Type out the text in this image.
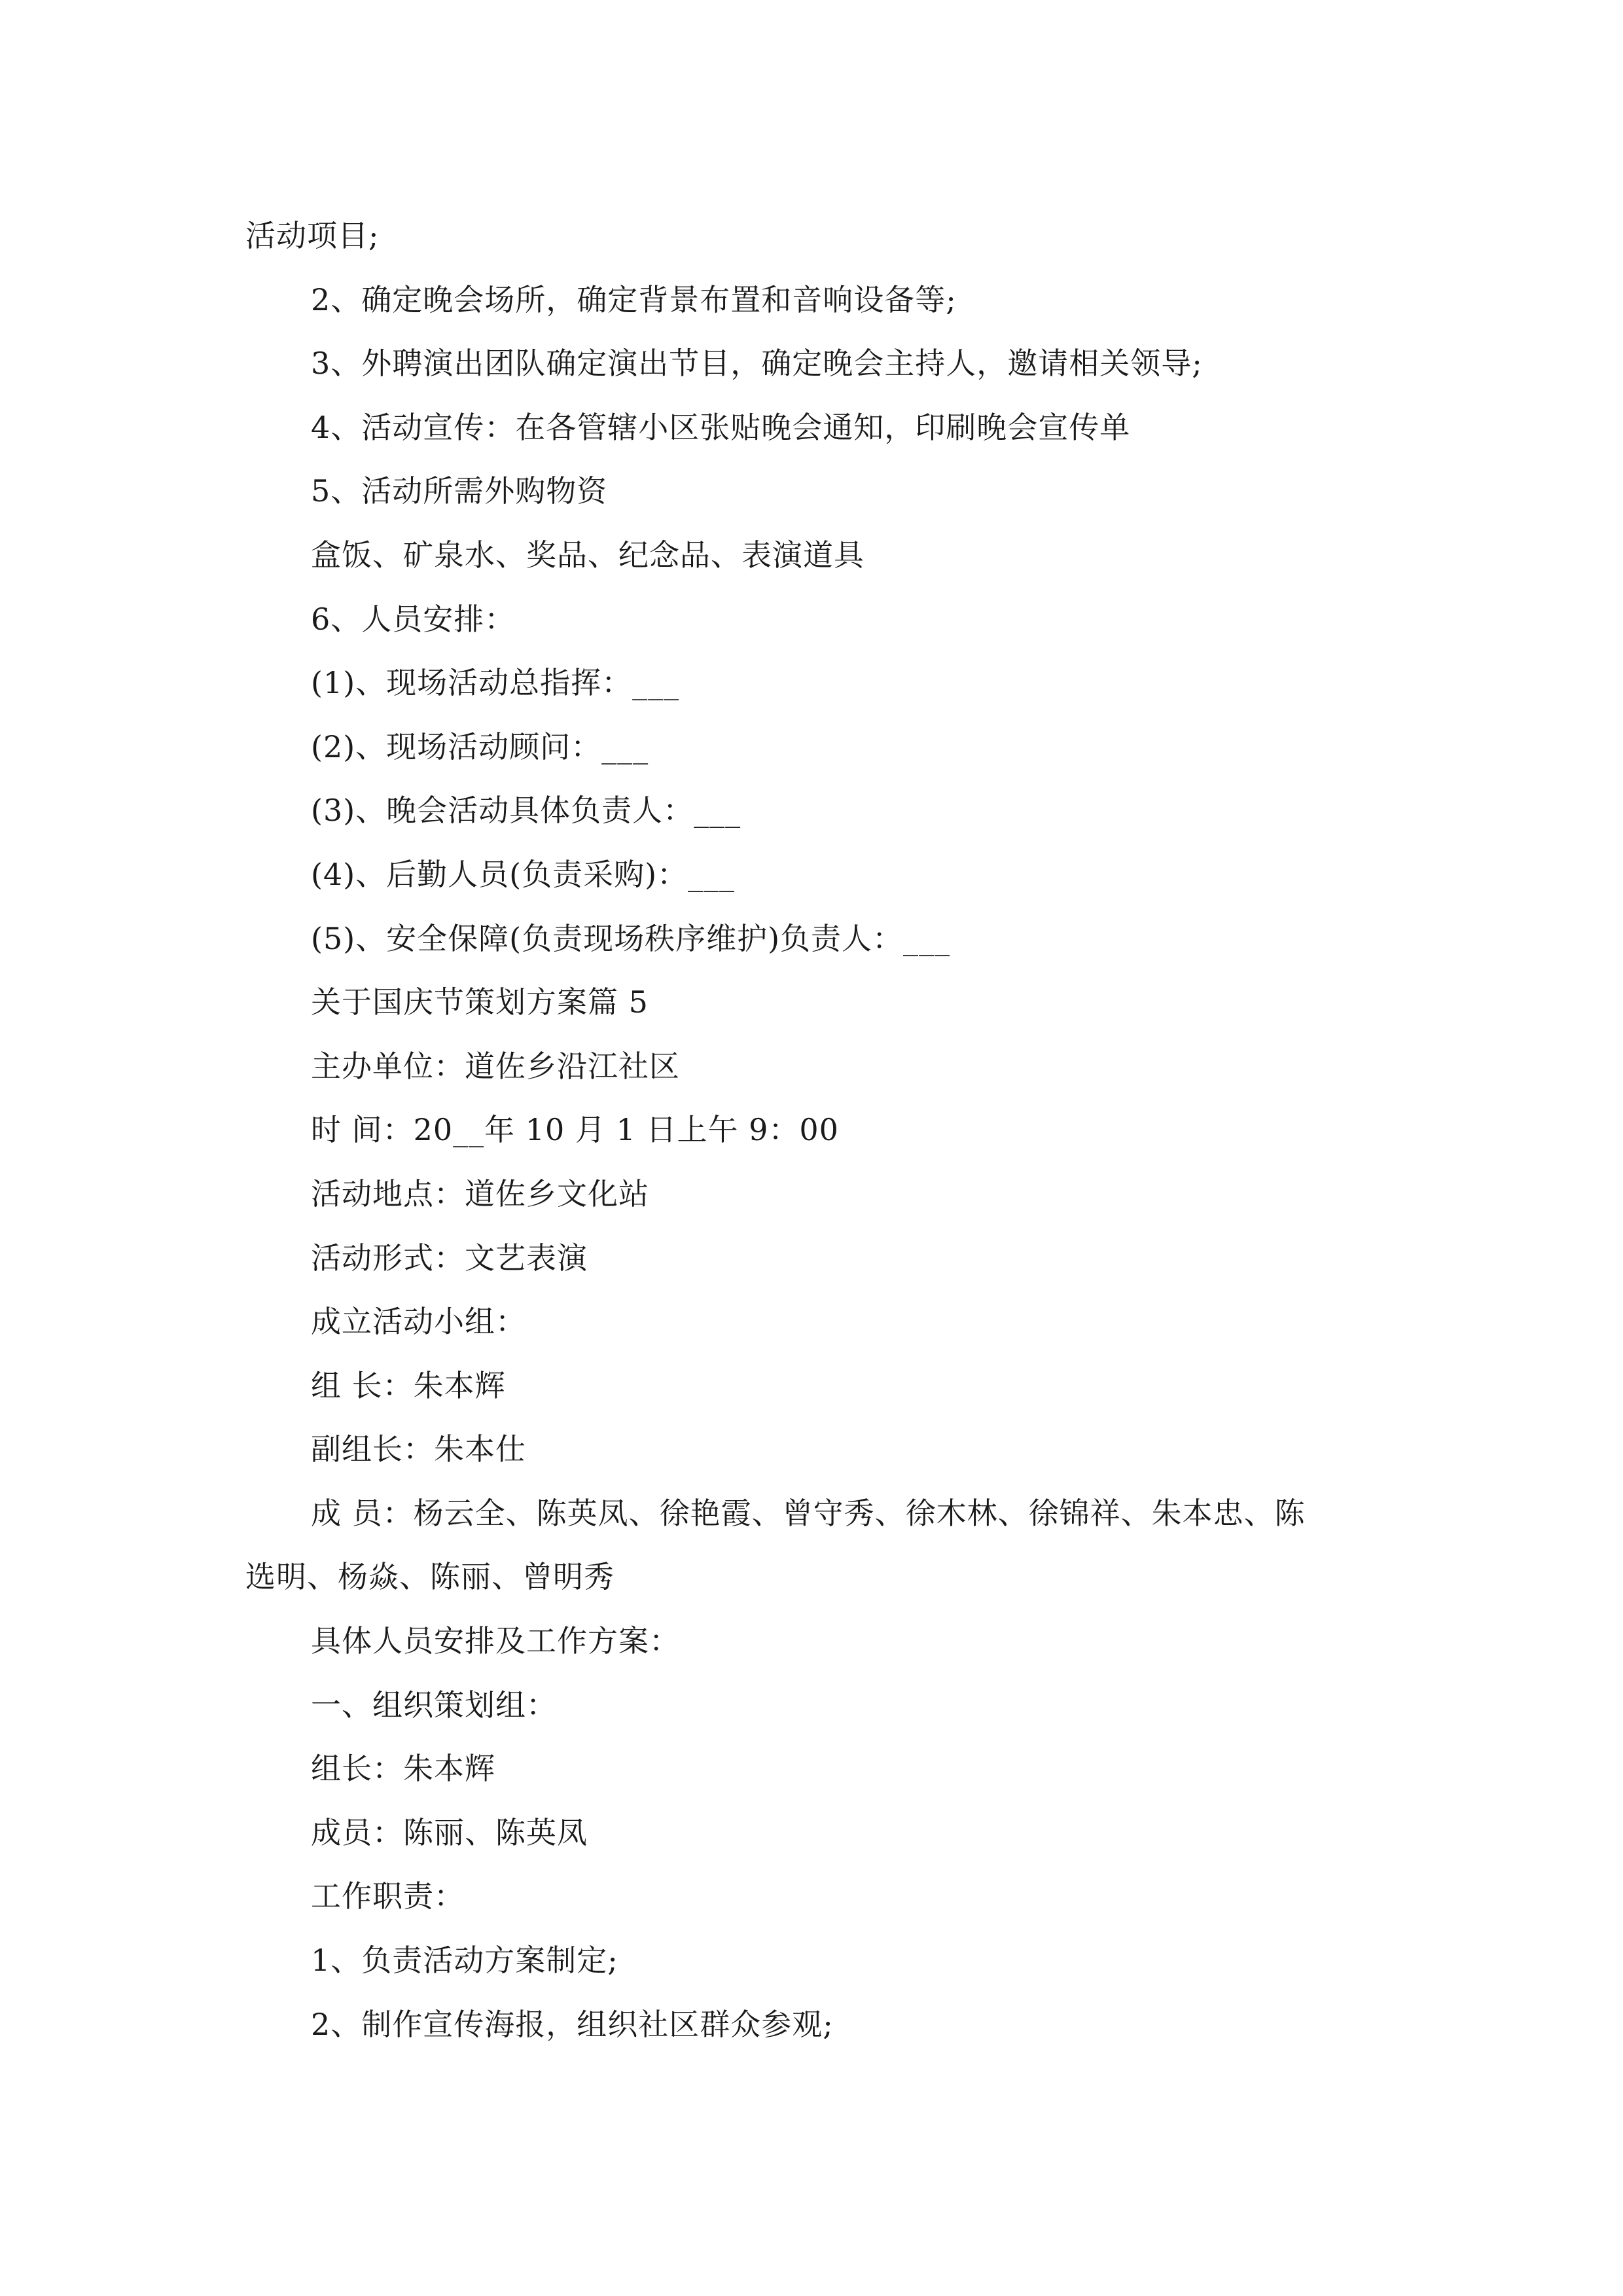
活动项目;
2、确定晚会场所，确定背景布置和音响设备等;
3、外聘演出团队确定演出节目，确定晚会主持人，邀请相关领导;
4、活动宣传：在各管辖小区张贴晚会通知，印刷晚会宣传单
5、活动所需外购物资
盒饭、矿泉水、奖品、纪念品、表演道具
6、人员安排：
(1)、现场活动总指挥：___
(2)、现场活动顾问：___
(3)、晚会活动具体负责人：___
(4)、后勤人员(负责采购)：___
(5)、安全保障(负责现场秩序维护)负责人：___
关于国庆节策划方案篇 5
主办单位：道佐乡沿江社区
时 间：20__年 10 月 1 日上午 9：00
活动地点：道佐乡文化站
活动形式：文艺表演
成立活动小组：
组 长：朱本辉
副组长：朱本仕
成 员：杨云全、陈英凤、徐艳霞、曾守秀、徐木林、徐锦祥、朱本忠、陈
选明、杨焱、陈丽、曾明秀
具体人员安排及工作方案：
一、组织策划组：
组长：朱本辉
成员：陈丽、陈英凤
工作职责：
1、负责活动方案制定;
2、制作宣传海报，组织社区群众参观;
